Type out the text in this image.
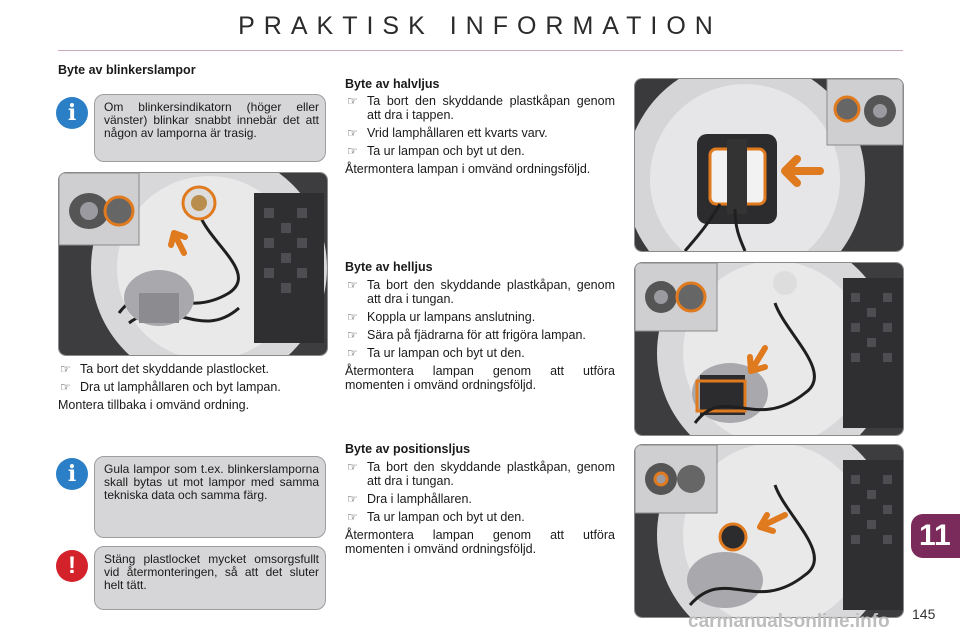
PRAKTISK INFORMATION
Byte av blinkerslampor
i	Om blinkersindikatorn (höger eller vänster) blinkar snabbt innebär det att någon av lamporna är trasig.
☞ Ta bort det skyddande plastlocket.
☞ Dra ut lamphållaren och byt lampan.
Montera tillbaka i omvänd ordning.
i	Gula lampor som t.ex. blinkerslamporna skall bytas ut mot lampor med samma tekniska data och samma färg.
!	Stäng plastlocket mycket omsorgsfullt vid återmonteringen, så att det sluter helt tätt.
Byte av halvljus
☞ Ta bort den skyddande plastkåpan genom att dra i tappen.
☞ Vrid lamphållaren ett kvarts varv.
☞ Ta ur lampan och byt ut den.
Återmontera lampan i omvänd ordningsföljd.
Byte av helljus
☞ Ta bort den skyddande plastkåpan, genom att dra i tungan.
☞ Koppla ur lampans anslutning.
☞ Sära på fjädrarna för att frigöra lampan.
☞ Ta ur lampan och byt ut den.
Återmontera lampan genom att utföra momenten i omvänd ordningsföljd.
Byte av positionsljus
☞ Ta bort den skyddande plastkåpan, genom att dra i tungan.
☞ Dra i lamphållaren.
☞ Ta ur lampan och byt ut den.
Återmontera lampan genom att utföra momenten i omvänd ordningsföljd.	11
145
carmanualsonline.info
